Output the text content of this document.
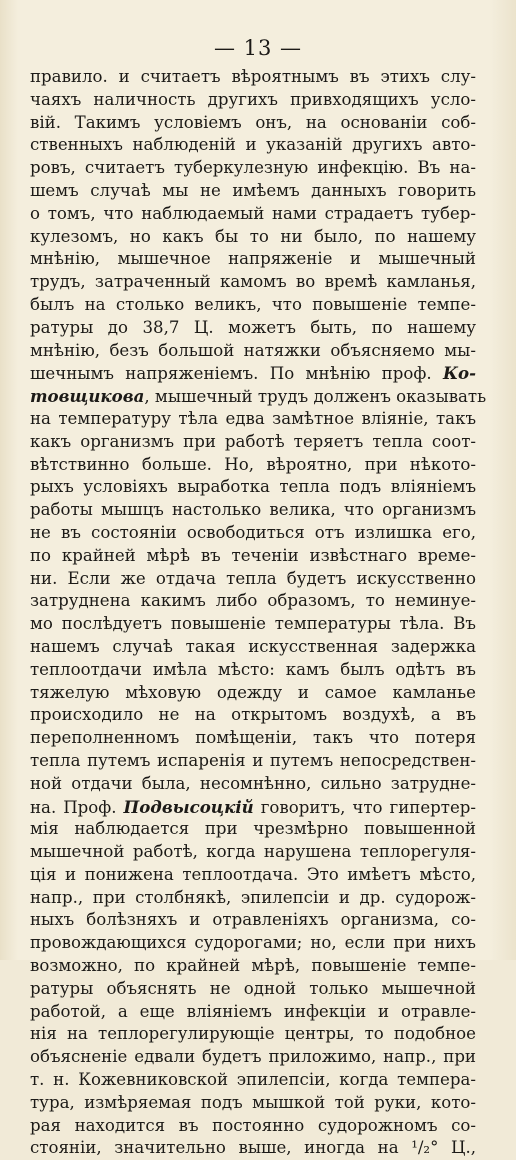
— 13 —
правило. и считаетъ вѣроятнымъ въ этихъ слу-
чаяхъ наличность другихъ привходящихъ усло-
вій. Такимъ условіемъ онъ, на основаніи соб-
ственныхъ наблюденій и указаній другихъ авто-
ровъ, считаетъ туберкулезную инфекцію. Въ на-
шемъ случаѣ мы не имѣемъ данныхъ говорить
о томъ, что наблюдаемый нами страдаетъ тубер-
кулезомъ, но какъ бы то ни было, по нашему
мнѣнію, мышечное напряженіе и мышечный
трудъ, затраченный камомъ во времѣ камланья,
былъ на столько великъ, что повышеніе темпе-
ратуры до 38,7 Ц. можетъ быть, по нашему
мнѣнію, безъ большой натяжки объясняемо мы-
шечнымъ напряженіемъ. По мнѣнію проф. Ко-
товщикова, мышечный трудъ долженъ оказывать
на температуру тѣла едва замѣтное вліяніе, такъ
какъ организмъ при работѣ теряетъ тепла соот-
вѣтствинно больше. Но, вѣроятно, при нѣкото-
рыхъ условіяхъ выработка тепла подъ вліяніемъ
работы мышцъ настолько велика, что организмъ
не въ состояніи освободиться отъ излишка его,
по крайней мѣрѣ въ теченіи извѣстнаго време-
ни. Если же отдача тепла будетъ искусственно
затруднена какимъ либо образомъ, то неминуе-
мо послѣдуетъ повышеніе температуры тѣла. Въ
нашемъ случаѣ такая искусственная задержка
теплоотдачи имѣла мѣсто: камъ былъ одѣтъ въ
тяжелую мѣховую одежду и самое камланье
происходило не на открытомъ воздухѣ, а въ
переполненномъ помѣщеніи, такъ что потеря
тепла путемъ испаренія и путемъ непосредствен-
ной отдачи была, несомнѣнно, сильно затрудне-
на. Проф. Подвысоцкій говоритъ, что гипертер-
мія наблюдается при чрезмѣрно повышенной
мышечной работѣ, когда нарушена теплорегуля-
ція и понижена теплоотдача. Это имѣетъ мѣсто,
напр., при столбнякѣ, эпилепсіи и др. судорож-
ныхъ болѣзняхъ и отравленіяхъ организма, со-
провождающихся судорогами; но, если при нихъ
возможно, по крайней мѣрѣ, повышеніе темпе-
ратуры объяснять не одной только мышечной
работой, а еще вліяніемъ инфекціи и отравле-
нія на теплорегулирующіе центры, то подобное
объясненіе едвали будетъ приложимо, напр., при
т. н. Кожевниковской эпилепсіи, когда темпера-
тура, измѣряемая подъ мышкой той руки, кото-
рая находится въ постоянно судорожномъ со-
стояніи, значительно выше, иногда на ¹/₂° Ц.,
